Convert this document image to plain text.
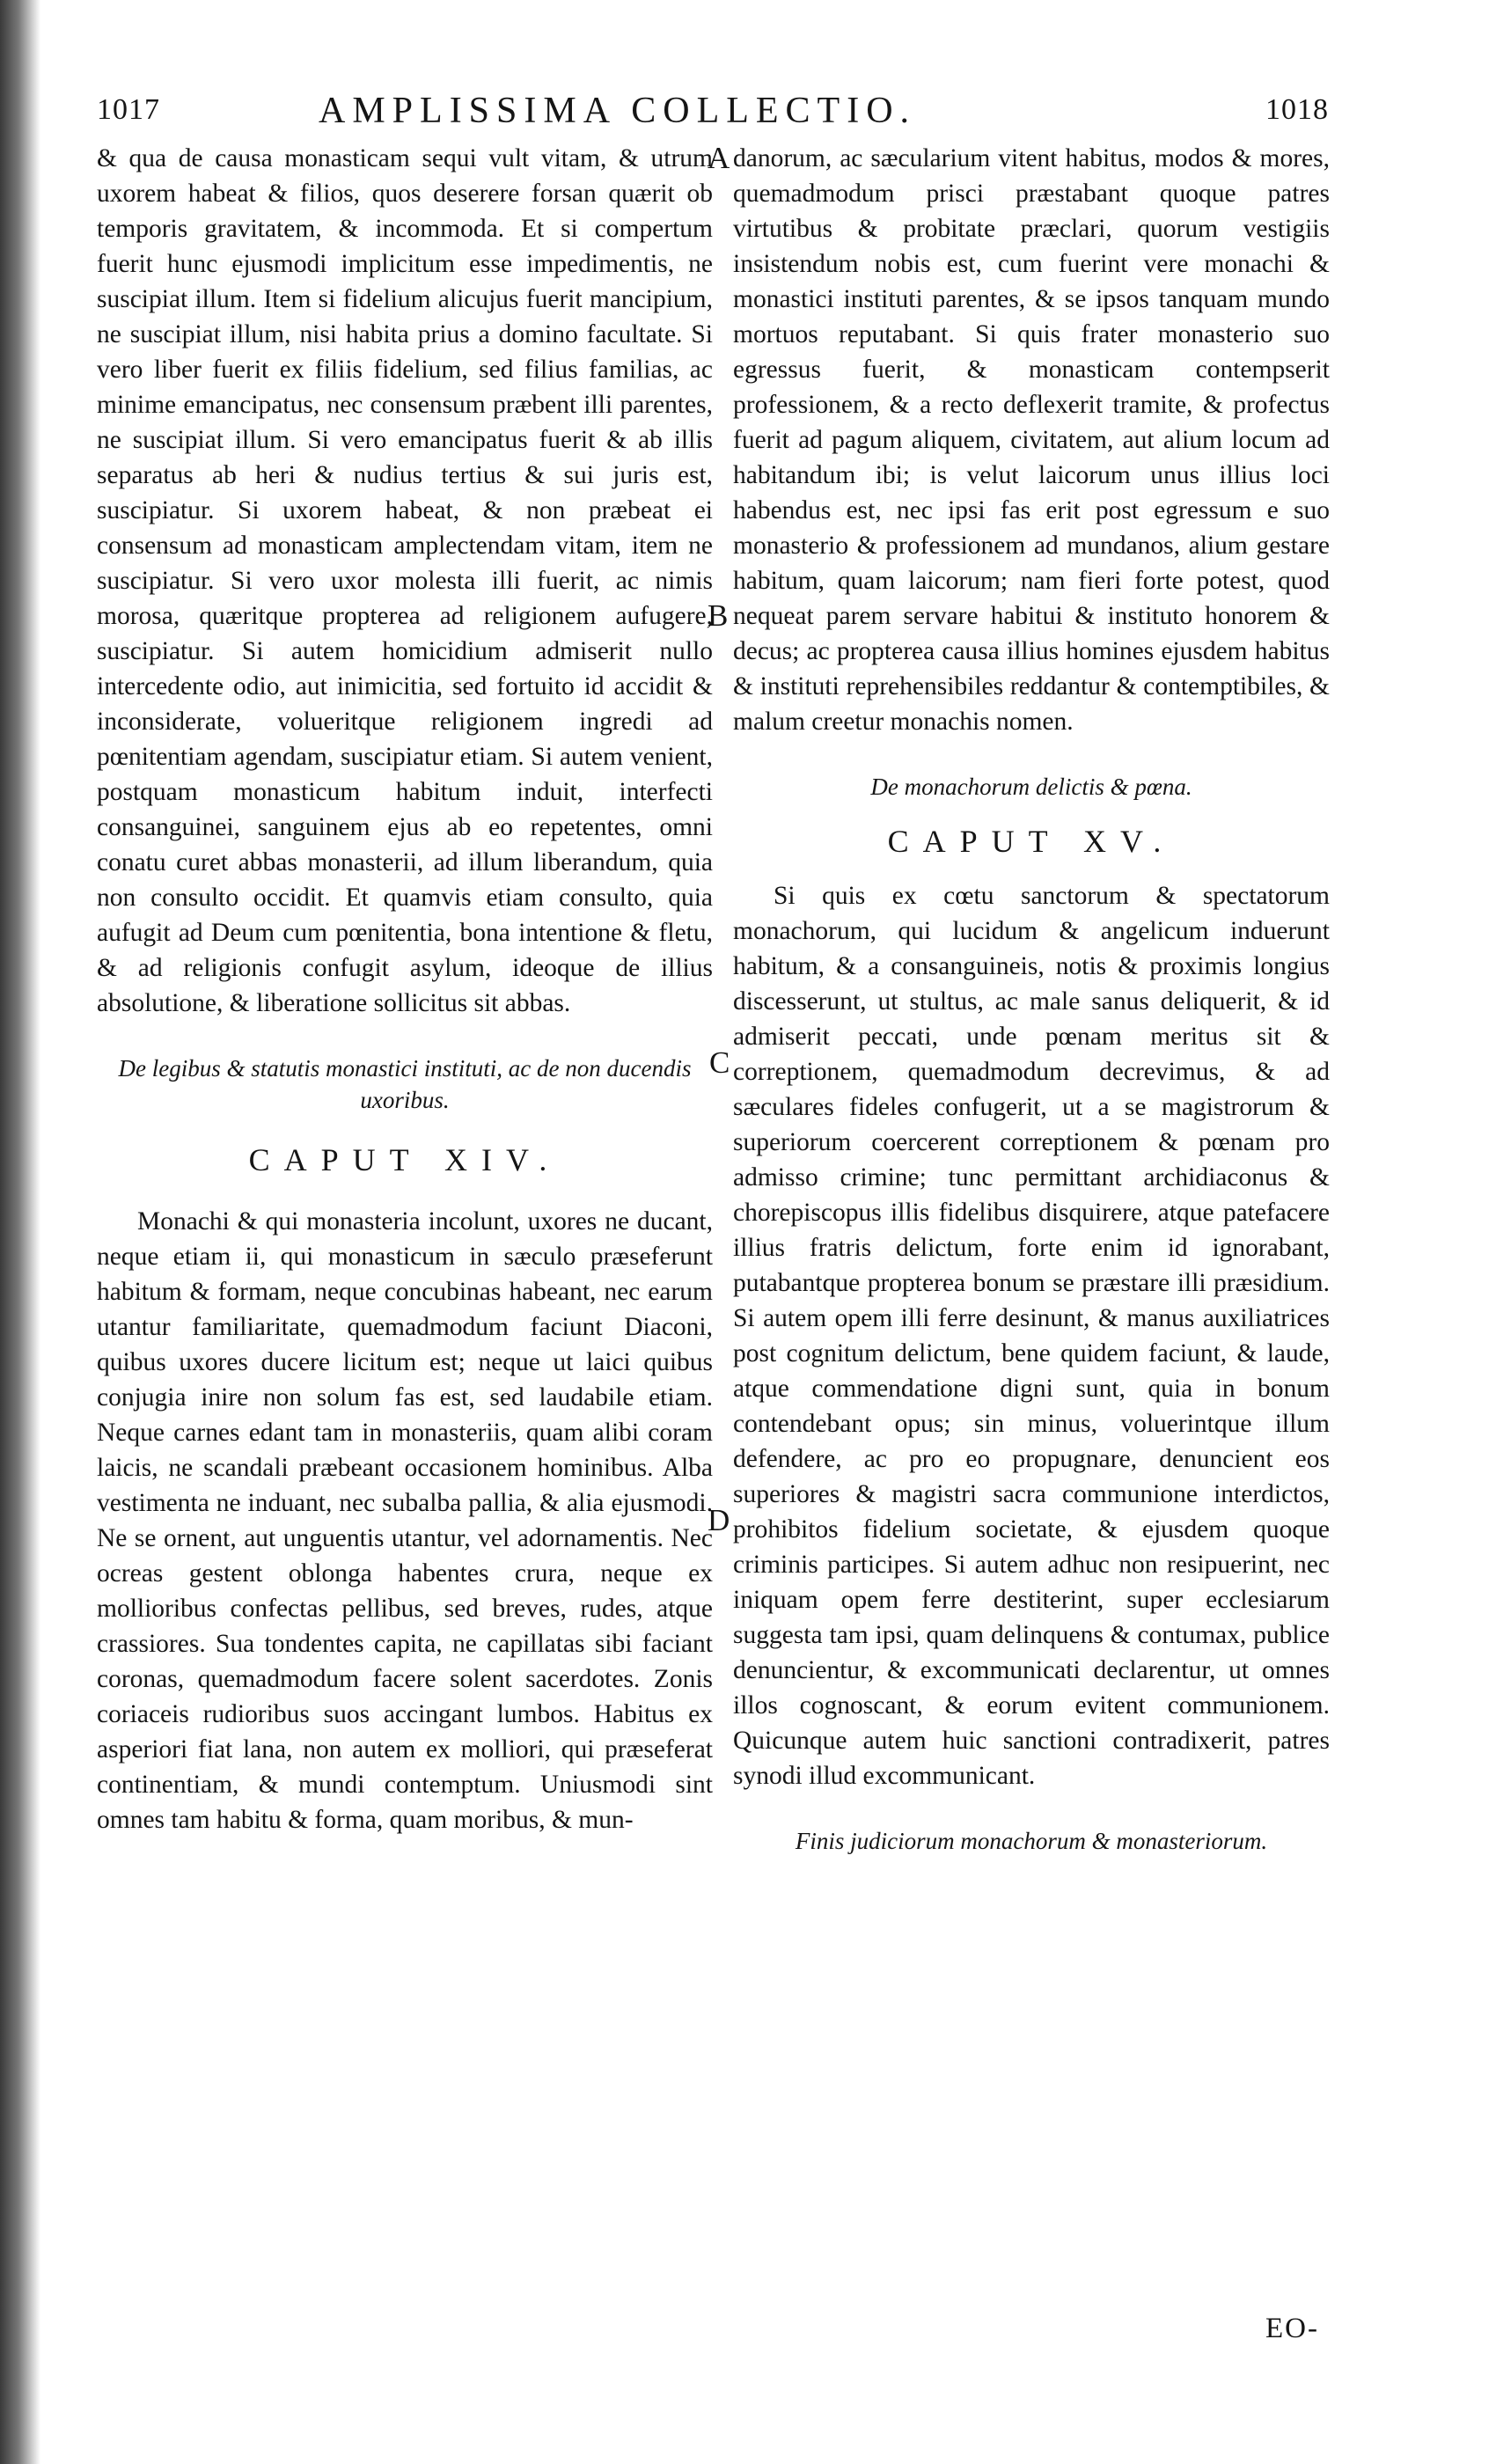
1017	AMPLISSIMA COLLECTIO.	1018

& qua de causa monasticam sequi vult vitam, & utrum uxorem habeat & filios, quos deserere forsan quærit ob temporis gravitatem, & incommoda. Et si compertum fuerit hunc ejusmodi implicitum esse impedimentis, ne suscipiat illum. Item si fidelium alicujus fuerit mancipium, ne suscipiat illum, nisi habita prius a domino facultate. Si vero liber fuerit ex filiis fidelium, sed filius familias, ac minime emancipatus, nec consensum præbent illi parentes, ne suscipiat illum. Si vero emancipatus fuerit & ab illis separatus ab heri & nudius tertius & sui juris est, suscipiatur. Si uxorem habeat, & non præbeat ei consensum ad monasticam amplectendam vitam, item ne suscipiatur. Si vero uxor molesta illi fuerit, ac nimis morosa, quæritque propterea ad religionem aufugere, suscipiatur. Si autem homicidium admiserit nullo intercedente odio, aut inimicitia, sed fortuito id accidit & inconsiderate, volueritque religionem ingredi ad pœnitentiam agendam, suscipiatur etiam. Si autem venient, postquam monasticum habitum induit, interfecti consanguinei, sanguinem ejus ab eo repetentes, omni conatu curet abbas monasterii, ad illum liberandum, quia non consulto occidit. Et quamvis etiam consulto, quia aufugit ad Deum cum pœnitentia, bona intentione & fletu, & ad religionis confugit asylum, ideoque de illius absolutione, & liberatione sollicitus sit abbas.

De legibus & statutis monastici instituti, ac de non ducendis uxoribus.

CAPUT XIV.

Monachi & qui monasteria incolunt, uxores ne ducant, neque etiam ii, qui monasticum in sæculo præseferunt habitum & formam, neque concubinas habeant, nec earum utantur familiaritate, quemadmodum faciunt Diaconi, quibus uxores ducere licitum est; neque ut laici quibus conjugia inire non solum fas est, sed laudabile etiam. Neque carnes edant tam in monasteriis, quam alibi coram laicis, ne scandali præbeant occasionem hominibus. Alba vestimenta ne induant, nec subalba pallia, & alia ejusmodi. Ne se ornent, aut unguentis utantur, vel adornamentis. Nec ocreas gestent oblonga habentes crura, neque ex mollioribus confectas pellibus, sed breves, rudes, atque crassiores. Sua tondentes capita, ne capillatas sibi faciant coronas, quemadmodum facere solent sacerdotes. Zonis coriaceis rudioribus suos accingant lumbos. Habitus ex asperiori fiat lana, non autem ex molliori, qui præseferat continentiam, & mundi contemptum. Uniusmodi sint omnes tam habitu & forma, quam moribus, & mun-

danorum, ac sæcularium vitent habitus, modos & mores, quemadmodum prisci præstabant quoque patres virtutibus & probitate præclari, quorum vestigiis insistendum nobis est, cum fuerint vere monachi & monastici instituti parentes, & se ipsos tanquam mundo mortuos reputabant. Si quis frater monasterio suo egressus fuerit, & monasticam contempserit professionem, & a recto deflexerit tramite, & profectus fuerit ad pagum aliquem, civitatem, aut alium locum ad habitandum ibi; is velut laicorum unus illius loci habendus est, nec ipsi fas erit post egressum e suo monasterio & professionem ad mundanos, alium gestare habitum, quam laicorum; nam fieri forte potest, quod nequeat parem servare habitui & instituto honorem & decus; ac propterea causa illius homines ejusdem habitus & instituti reprehensibiles reddantur & contemptibiles, & malum creetur monachis nomen.

De monachorum delictis & pœna.

CAPUT XV.

Si quis ex cœtu sanctorum & spectatorum monachorum, qui lucidum & angelicum induerunt habitum, & a consanguineis, notis & proximis longius discesserunt, ut stultus, ac male sanus deliquerit, & id admiserit peccati, unde pœnam meritus sit & correptionem, quemadmodum decrevimus, & ad sæculares fideles confugerit, ut a se magistrorum & superiorum coercerent correptionem & pœnam pro admisso crimine; tunc permittant archidiaconus & chorepiscopus illis fidelibus disquirere, atque patefacere illius fratris delictum, forte enim id ignorabant, putabantque propterea bonum se præstare illi præsidium. Si autem opem illi ferre desinunt, & manus auxiliatrices post cognitum delictum, bene quidem faciunt, & laude, atque commendatione digni sunt, quia in bonum contendebant opus; sin minus, voluerintque illum defendere, ac pro eo propugnare, denuncient eos superiores & magistri sacra communione interdictos, prohibitos fidelium societate, & ejusdem quoque criminis participes. Si autem adhuc non resipuerint, nec iniquam opem ferre destiterint, super ecclesiarum suggesta tam ipsi, quam delinquens & contumax, publice denuncientur, & excommunicati declarentur, ut omnes illos cognoscant, & eorum evitent communionem. Quicunque autem huic sanctioni contradixerit, patres synodi illud excommunicant.

Finis judiciorum monachorum & monasteriorum.

A
B
C
D
EO-
